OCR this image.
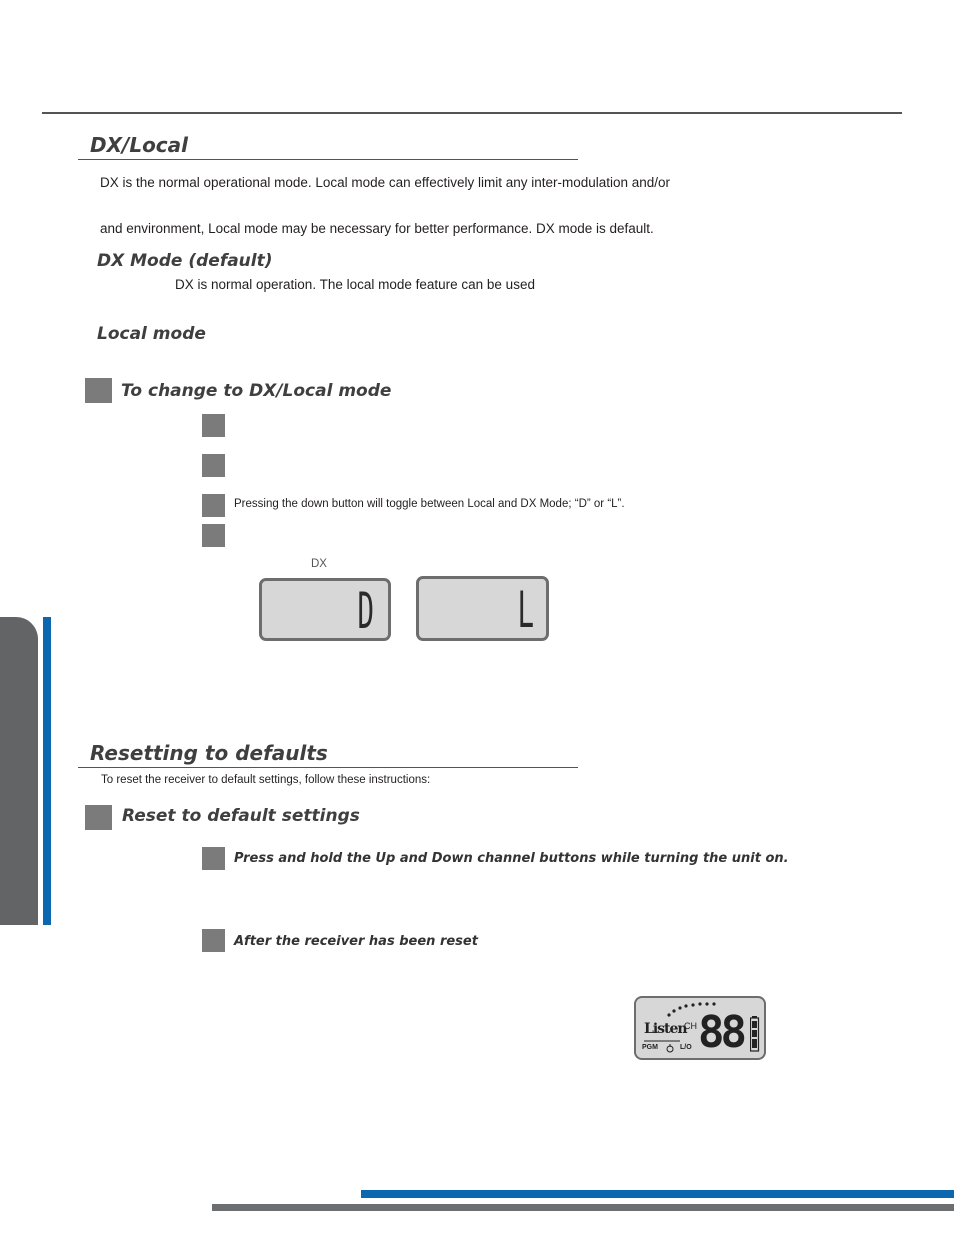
DX/Local
DX is the normal operational mode. Local mode can effectively limit any inter-modulation and/or
and environment, Local mode may be necessary for better performance. DX mode is default.
DX Mode (default)
DX is normal operation. The local mode feature can be used
Local mode
To change to DX/Local mode
Pressing the down button will toggle between Local and DX Mode; “D” or “L”.
DX
D	L
Resetting to defaults
To reset the receiver to default settings, follow these instructions:
Reset to default settings
Press and hold the Up and Down channel buttons while turning the unit on.
After the receiver has been reset
Listen
CH 88
PGM	L/O
